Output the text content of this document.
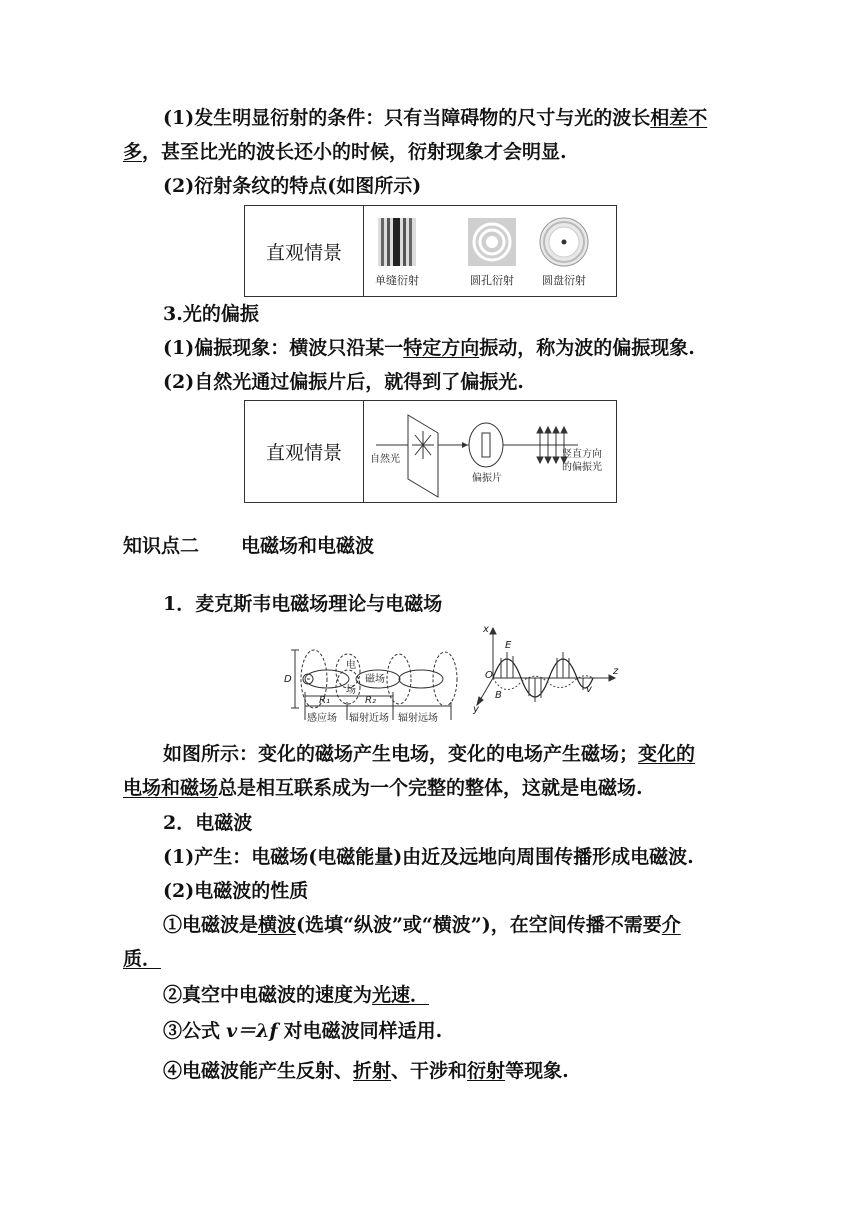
(1)发生明显衍射的条件：只有当障碍物的尺寸与光的波长相差不
多，甚至比光的波长还小的时候，衍射现象才会明显.
(2)衍射条纹的特点(如图所示)
直观情景
单缝衍射	圆孔衍射	圆盘衍射
3.光的偏振
(1)偏振现象：横波只沿某一特定方向振动，称为波的偏振现象.
(2)自然光通过偏振片后，就得到了偏振光.
直观情景	自然光
偏振片
竖直方向
的偏振光
知识点二 电磁场和电磁波
1．麦克斯韦电磁场理论与电磁场
D
电
场
磁场
R₁	R₂
感应场 辐射近场 辐射远场
x
y
z
E
B
O
v
如图所示：变化的磁场产生电场，变化的电场产生磁场；变化的
电场和磁场总是相互联系成为一个完整的整体，这就是电磁场.
2．电磁波
(1)产生：电磁场(电磁能量)由近及远地向周围传播形成电磁波.
(2)电磁波的性质
①电磁波是横波(选填“纵波”或“横波”)，在空间传播不需要介
质．
②真空中电磁波的速度为光速．
③公式 v＝λf 对电磁波同样适用.
④电磁波能产生反射、折射、干涉和衍射等现象.
